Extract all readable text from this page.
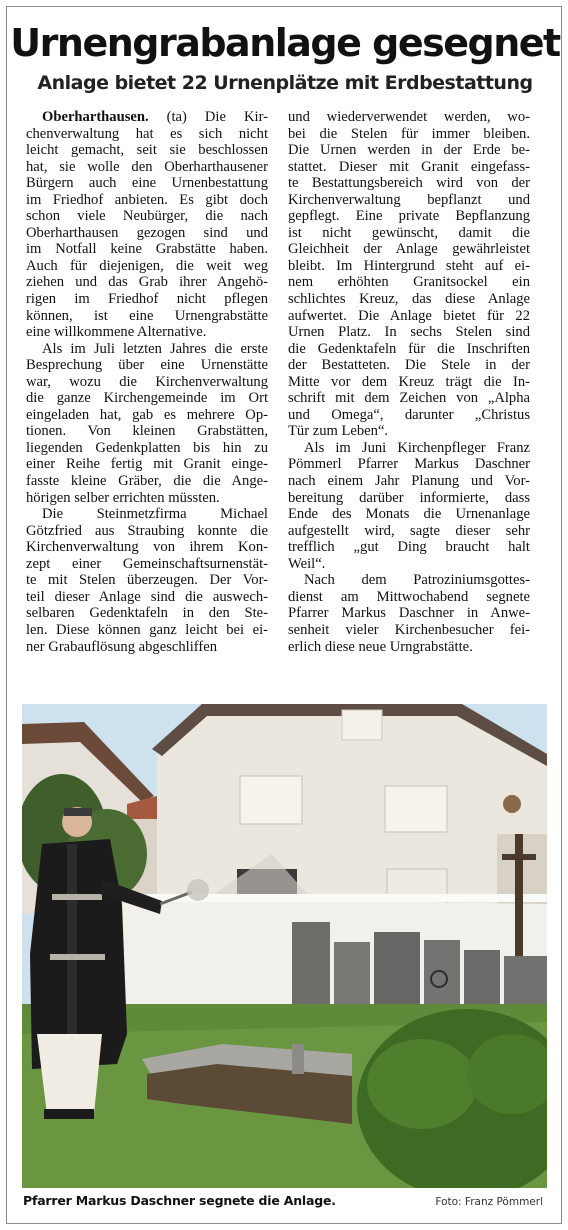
Urnengrabanlage gesegnet
Anlage bietet 22 Urnenplätze mit Erdbestattung
Oberharthausen. (ta) Die Kir-
chenverwaltung hat es sich nicht
leicht gemacht, seit sie beschlossen
hat, sie wolle den Oberharthausener
Bürgern auch eine Urnenbestattung
im Friedhof anbieten. Es gibt doch
schon viele Neubürger, die nach
Oberharthausen gezogen sind und
im Notfall keine Grabstätte haben.
Auch für diejenigen, die weit weg
ziehen und das Grab ihrer Angehö-
rigen im Friedhof nicht pflegen
können, ist eine Urnengrabstätte
eine willkommene Alternative.
Als im Juli letzten Jahres die erste
Besprechung über eine Urnenstätte
war, wozu die Kirchenverwaltung
die ganze Kirchengemeinde im Ort
eingeladen hat, gab es mehrere Op-
tionen. Von kleinen Grabstätten,
liegenden Gedenkplatten bis hin zu
einer Reihe fertig mit Granit einge-
fasste kleine Gräber, die die Ange-
hörigen selber errichten müssten.
Die Steinmetzfirma Michael
Götzfried aus Straubing konnte die
Kirchenverwaltung von ihrem Kon-
zept einer Gemeinschaftsurnenstät-
te mit Stelen überzeugen. Der Vor-
teil dieser Anlage sind die auswech-
selbaren Gedenktafeln in den Ste-
len. Diese können ganz leicht bei ei-
ner Grabauflösung abgeschliffen
und wiederverwendet werden, wo-
bei die Stelen für immer bleiben.
Die Urnen werden in der Erde be-
stattet. Dieser mit Granit eingefass-
te Bestattungsbereich wird von der
Kirchenverwaltung bepflanzt und
gepflegt. Eine private Bepflanzung
ist nicht gewünscht, damit die
Gleichheit der Anlage gewährleistet
bleibt. Im Hintergrund steht auf ei-
nem erhöhten Granitsockel ein
schlichtes Kreuz, das diese Anlage
aufwertet. Die Anlage bietet für 22
Urnen Platz. In sechs Stelen sind
die Gedenktafeln für die Inschriften
der Bestatteten. Die Stele in der
Mitte vor dem Kreuz trägt die In-
schrift mit dem Zeichen von „Alpha
und Omega“, darunter „Christus
Tür zum Leben“.
Als im Juni Kirchenpfleger Franz
Pömmerl Pfarrer Markus Daschner
nach einem Jahr Planung und Vor-
bereitung darüber informierte, dass
Ende des Monats die Urnenanlage
aufgestellt wird, sagte dieser sehr
trefflich „gut Ding braucht halt
Weil“.
Nach dem Patroziniumsgottes-
dienst am Mittwochabend segnete
Pfarrer Markus Daschner in Anwe-
senheit vieler Kirchenbesucher fei-
erlich diese neue Urngrabstätte.
Pfarrer Markus Daschner segnete die Anlage.	Foto: Franz Pömmerl
